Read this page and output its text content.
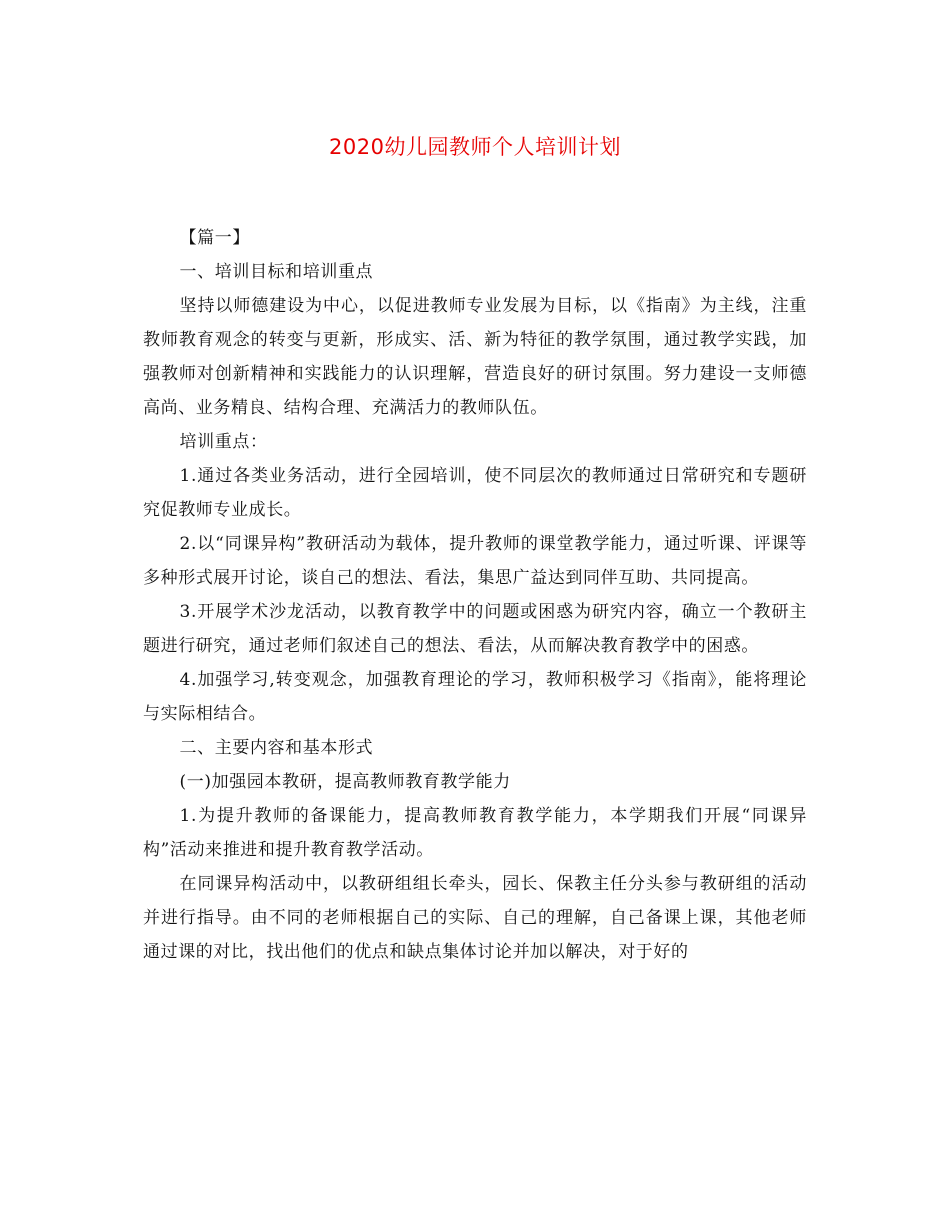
2020幼儿园教师个人培训计划

【篇一】

一、培训目标和培训重点

坚持以师德建设为中心，以促进教师专业发展为目标，以《指南》为主线，注重教师教育观念的转变与更新，形成实、活、新为特征的教学氛围，通过教学实践，加强教师对创新精神和实践能力的认识理解，营造良好的研讨氛围。努力建设一支师德高尚、业务精良、结构合理、充满活力的教师队伍。

培训重点：

1.通过各类业务活动，进行全园培训，使不同层次的教师通过日常研究和专题研究促教师专业成长。

2.以“同课异构”教研活动为载体，提升教师的课堂教学能力，通过听课、评课等多种形式展开讨论，谈自己的想法、看法，集思广益达到同伴互助、共同提高。

3.开展学术沙龙活动，以教育教学中的问题或困惑为研究内容，确立一个教研主题进行研究，通过老师们叙述自己的想法、看法，从而解决教育教学中的困惑。

4.加强学习,转变观念，加强教育理论的学习，教师积极学习《指南》，能将理论与实际相结合。

二、主要内容和基本形式

(一)加强园本教研，提高教师教育教学能力

1.为提升教师的备课能力，提高教师教育教学能力，本学期我们开展“同课异构”活动来推进和提升教育教学活动。

在同课异构活动中，以教研组组长牵头，园长、保教主任分头参与教研组的活动并进行指导。由不同的老师根据自己的实际、自己的理解，自己备课上课，其他老师通过课的对比，找出他们的优点和缺点集体讨论并加以解决，对于好的
